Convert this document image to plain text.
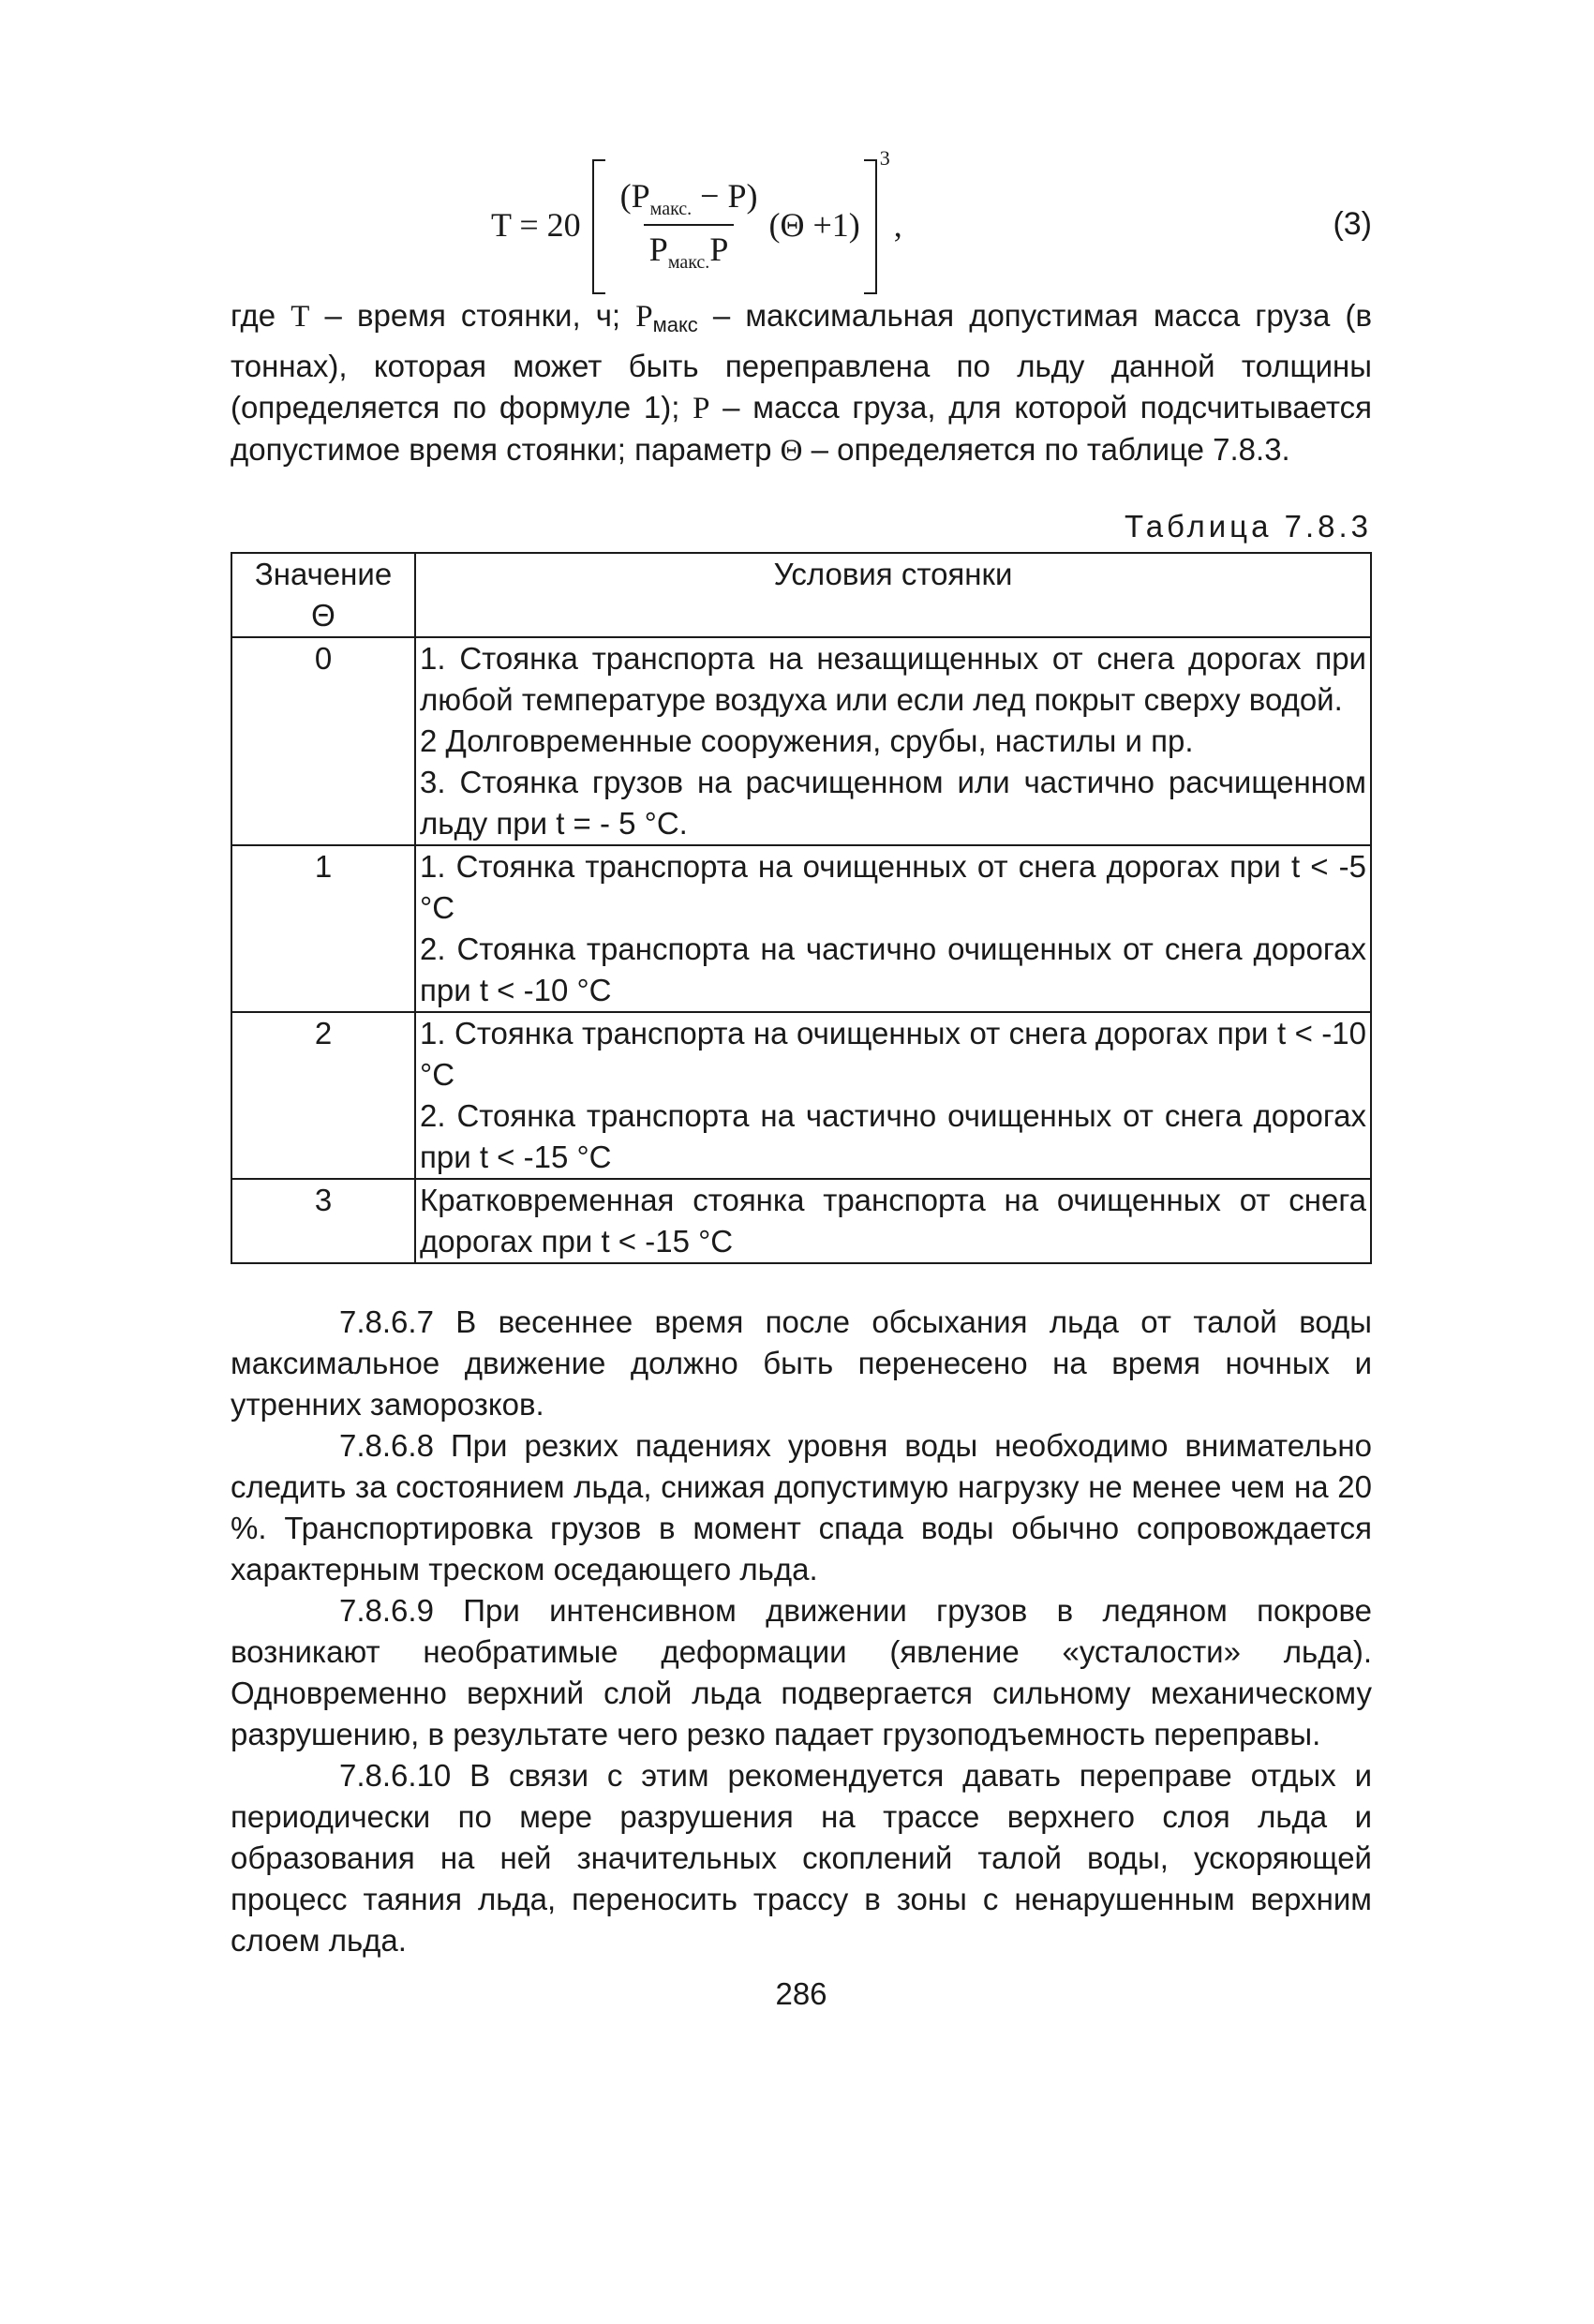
$T = 20 \frac{(P_{макс.} - P)}{P_{макс.}P} (\Theta +1)$
3
,	(3)

где T – время стоянки, ч; Pмакс – максимальная допустимая масса груза (в тоннах), которая может быть переправлена по льду данной толщины (определяется по формуле 1); P – масса груза, для которой подсчитывается допустимое время стоянки; параметр Θ – определяется по таблице 7.8.3.

Таблица 7.8.3
Значение
Θ	Условия стоянки
0	1. Стоянка транспорта на незащищенных от снега дорогах при любой температуре воздуха или если лед покрыт сверху водой.
2 Долговременные сооружения, срубы, настилы и пр.
3. Стоянка грузов на расчищенном или частично расчищенном льду при t = - 5 °С.

1	1. Стоянка транспорта на очищенных от снега дорогах при t < -5 °С
2. Стоянка транспорта на частично очищенных от снега дорогах при t < -10 °С

2	1. Стоянка транспорта на очищенных от снега дорогах при t < -10 °С
2. Стоянка транспорта на частично очищенных от снега дорогах при t < -15 °С

3	Кратковременная стоянка транспорта на очищенных от снега дорогах при t < -15 °С

7.8.6.7 В весеннее время после обсыхания льда от талой воды максимальное движение должно быть перенесено на время ночных и утренних заморозков.

7.8.6.8 При резких падениях уровня воды необходимо внимательно следить за состоянием льда, снижая допустимую нагрузку не менее чем на 20 %. Транспортировка грузов в момент спада воды обычно сопровождается характерным треском оседающего льда.

7.8.6.9 При интенсивном движении грузов в ледяном покрове возникают необратимые деформации (явление «усталости» льда). Одновременно верхний слой льда подвергается сильному механическому разрушению, в результате чего резко падает грузоподъемность переправы.

7.8.6.10 В связи с этим рекомендуется давать переправе отдых и периодически по мере разрушения на трассе верхнего слоя льда и образования на ней значительных скоплений талой воды, ускоряющей процесс таяния льда, переносить трассу в зоны с ненарушенным верхним слоем льда.

286
